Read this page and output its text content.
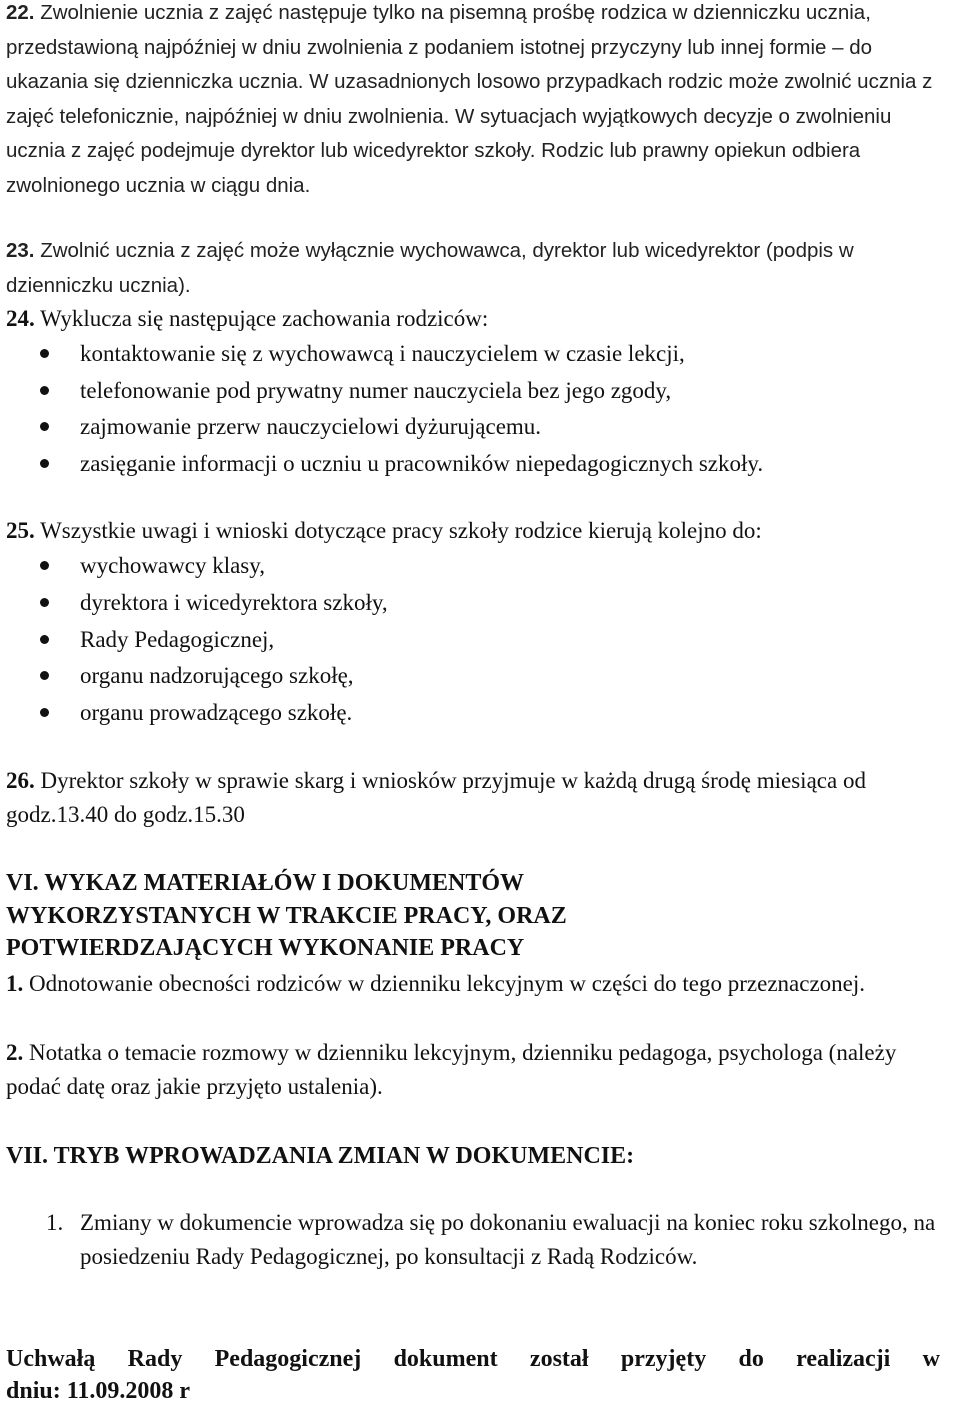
22. Zwolnienie ucznia z zajęć następuje tylko na pisemną prośbę rodzica w dzienniczku ucznia, przedstawioną najpóźniej w dniu zwolnienia z podaniem istotnej przyczyny lub innej formie – do ukazania się dzienniczka ucznia. W uzasadnionych losowo przypadkach rodzic może zwolnić ucznia z zajęć telefonicznie, najpóźniej w dniu zwolnienia. W sytuacjach wyjątkowych decyzje o zwolnieniu ucznia z zajęć podejmuje dyrektor lub wicedyrektor szkoły. Rodzic lub prawny opiekun odbiera zwolnionego ucznia w ciągu dnia.

23. Zwolnić ucznia z zajęć może wyłącznie wychowawca, dyrektor lub wicedyrektor (podpis w dzienniczku ucznia).

24. Wyklucza się następujące zachowania rodziców:

kontaktowanie się z wychowawcą i nauczycielem w czasie lekcji,
telefonowanie pod prywatny numer nauczyciela bez jego zgody,
zajmowanie przerw nauczycielowi dyżurującemu.
zasięganie informacji o uczniu u pracowników niepedagogicznych szkoły.

25. Wszystkie uwagi i wnioski dotyczące pracy szkoły rodzice kierują kolejno do:

wychowawcy klasy,
dyrektora i wicedyrektora szkoły,
Rady Pedagogicznej,
organu nadzorującego szkołę,
organu prowadzącego szkołę.

26. Dyrektor szkoły w sprawie skarg i wniosków przyjmuje w każdą drugą środę miesiąca od godz.13.40 do godz.15.30

VI. WYKAZ MATERIAŁÓW I DOKUMENTÓW

WYKORZYSTANYCH W TRAKCIE PRACY, ORAZ

POTWIERDZAJĄCYCH WYKONANIE PRACY

1. Odnotowanie obecności rodziców w dzienniku lekcyjnym w części do tego przeznaczonej.

2. Notatka o temacie rozmowy w dzienniku lekcyjnym, dzienniku pedagoga, psychologa (należy podać datę oraz jakie przyjęto ustalenia).

VII. TRYB WPROWADZANIA ZMIAN W DOKUMENCIE:

1. Zmiany w dokumencie wprowadza się po dokonaniu ewaluacji na koniec roku szkolnego, na posiedzeniu Rady Pedagogicznej, po konsultacji z Radą Rodziców.

Uchwałą Rady Pedagogicznej dokument został przyjęty do realizacji w

dniu: 11.09.2008 r
